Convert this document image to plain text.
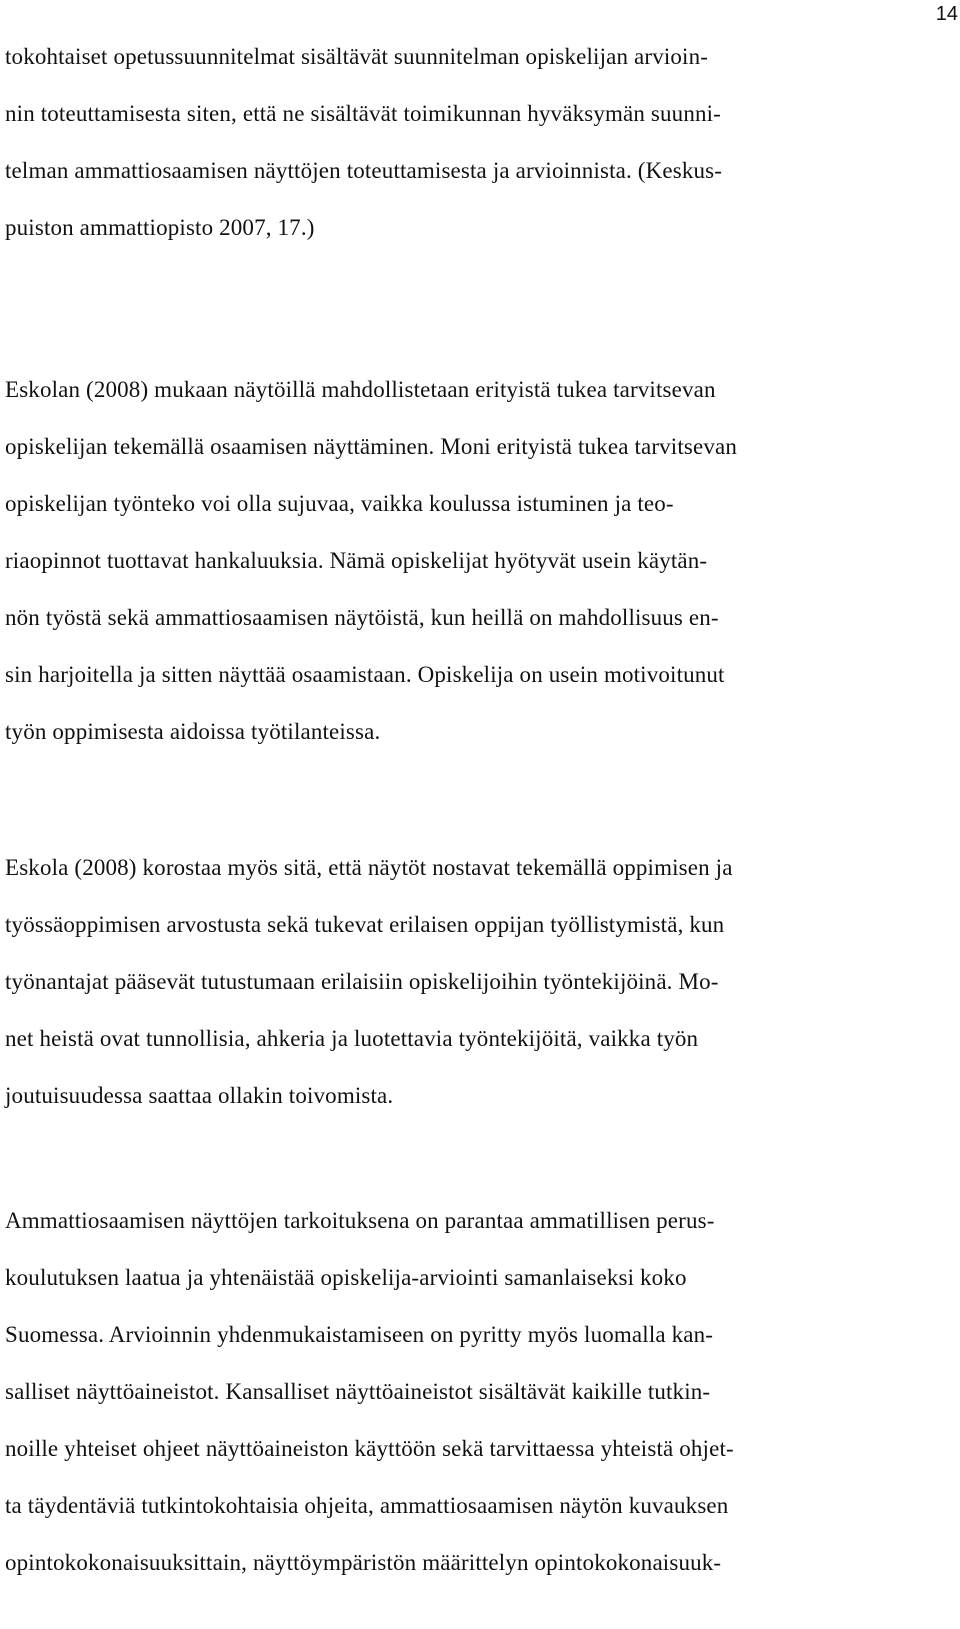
14

tokohtaiset opetussuunnitelmat sisältävät suunnitelman opiskelijan arvioin-
nin toteuttamisesta siten, että ne sisältävät toimikunnan hyväksymän suunni-
telman ammattiosaamisen näyttöjen toteuttamisesta ja arvioinnista. (Keskus-
puiston ammattiopisto 2007, 17.)

Eskolan (2008) mukaan näytöillä mahdollistetaan erityistä tukea tarvitsevan
opiskelijan tekemällä osaamisen näyttäminen. Moni erityistä tukea tarvitsevan
opiskelijan työnteko voi olla sujuvaa, vaikka koulussa istuminen ja teo-
riaopinnot tuottavat hankaluuksia. Nämä opiskelijat hyötyvät usein käytän-
nön työstä sekä ammattiosaamisen näytöistä, kun heillä on mahdollisuus en-
sin harjoitella ja sitten näyttää osaamistaan. Opiskelija on usein motivoitunut
työn oppimisesta aidoissa työtilanteissa.

Eskola (2008) korostaa myös sitä, että näytöt nostavat tekemällä oppimisen ja
työssäoppimisen arvostusta sekä tukevat erilaisen oppijan työllistymistä, kun
työnantajat pääsevät tutustumaan erilaisiin opiskelijoihin työntekijöinä. Mo-
net heistä ovat tunnollisia, ahkeria ja luotettavia työntekijöitä, vaikka työn
joutuisuudessa saattaa ollakin toivomista.

Ammattiosaamisen näyttöjen tarkoituksena on parantaa ammatillisen perus-
koulutuksen laatua ja yhtenäistää opiskelija-arviointi samanlaiseksi koko
Suomessa. Arvioinnin yhdenmukaistamiseen on pyritty myös luomalla kan-
salliset näyttöaineistot. Kansalliset näyttöaineistot sisältävät kaikille tutkin-
noille yhteiset ohjeet näyttöaineiston käyttöön sekä tarvittaessa yhteistä ohjet-
ta täydentäviä tutkintokohtaisia ohjeita, ammattiosaamisen näytön kuvauksen
opintokokonaisuuksittain, näyttöympäristön määrittelyn opintokokonaisuuk-
